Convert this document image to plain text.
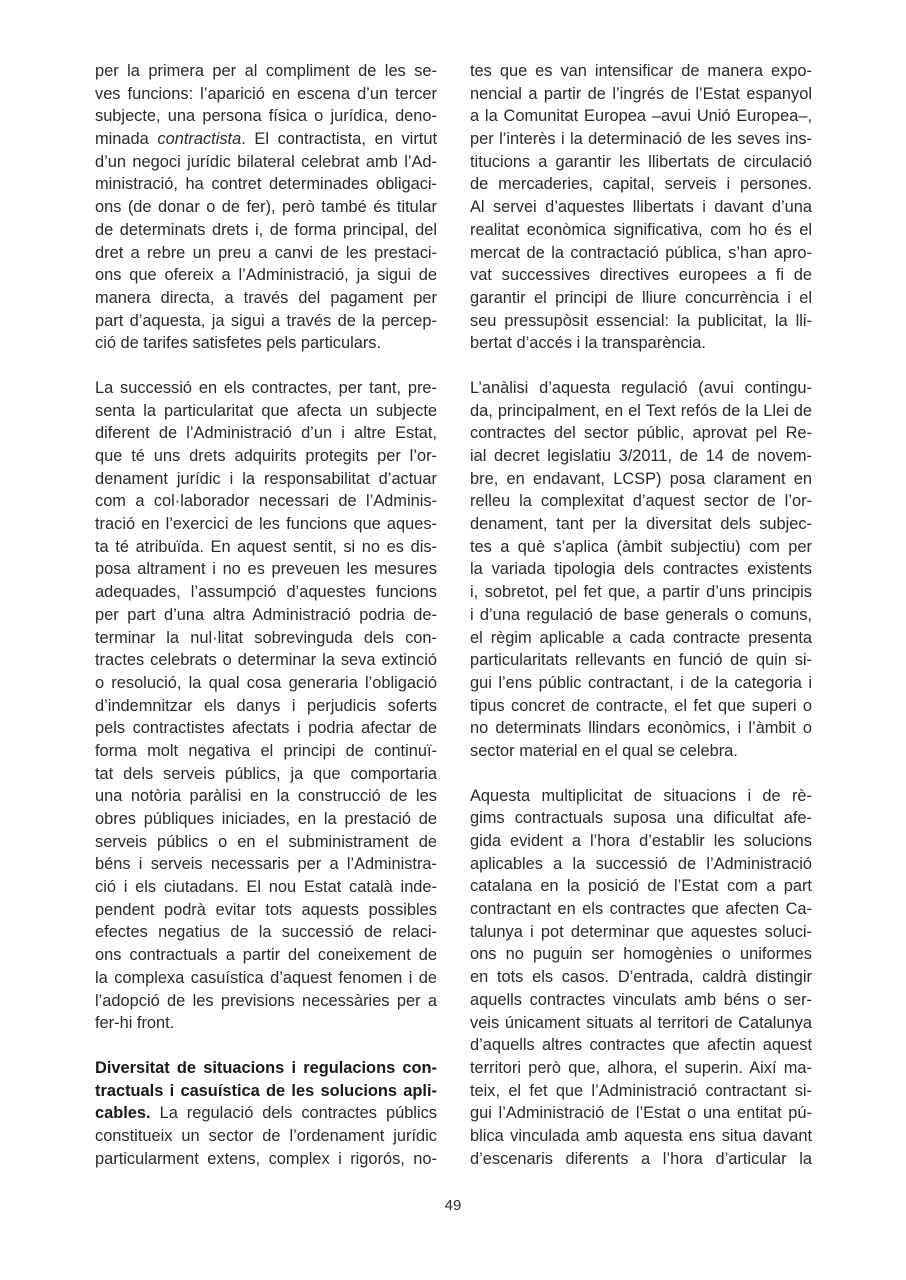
per la primera per al compliment de les se-
ves funcions: l’aparició en escena d’un tercer
subjecte, una persona física o jurídica, deno-
minada contractista. El contractista, en virtut
d’un negoci jurídic bilateral celebrat amb l’Ad-
ministració, ha contret determinades obligaci-
ons (de donar o de fer), però també és titular
de determinats drets i, de forma principal, del
dret a rebre un preu a canvi de les prestaci-
ons que ofereix a l’Administració, ja sigui de
manera directa, a través del pagament per
part d’aquesta, ja sigui a través de la percep-
ció de tarifes satisfetes pels particulars.
La successió en els contractes, per tant, pre-
senta la particularitat que afecta un subjecte
diferent de l’Administració d’un i altre Estat,
que té uns drets adquirits protegits per l’or-
denament jurídic i la responsabilitat d’actuar
com a col·laborador necessari de l’Adminis-
tració en l’exercici de les funcions que aques-
ta té atribuïda. En aquest sentit, si no es dis-
posa altrament i no es preveuen les mesures
adequades, l’assumpció d’aquestes funcions
per part d’una altra Administració podria de-
terminar la nul·litat sobrevinguda dels con-
tractes celebrats o determinar la seva extinció
o resolució, la qual cosa generaria l’obligació
d’indemnitzar els danys i perjudicis soferts
pels contractistes afectats i podria afectar de
forma molt negativa el principi de continuï-
tat dels serveis públics, ja que comportaria
una notòria paràlisi en la construcció de les
obres públiques iniciades, en la prestació de
serveis públics o en el subministrament de
béns i serveis necessaris per a l’Administra-
ció i els ciutadans. El nou Estat català inde-
pendent podrà evitar tots aquests possibles
efectes negatius de la successió de relaci-
ons contractuals a partir del coneixement de
la complexa casuística d’aquest fenomen i de
l’adopció de les previsions necessàries per a
fer-hi front.
Diversitat de situacions i regulacions con-
tractuals i casuística de les solucions apli-
cables. La regulació dels contractes públics
constitueix un sector de l’ordenament jurídic
particularment extens, complex i rigorós, no-
tes que es van intensificar de manera expo-
nencial a partir de l’ingrés de l’Estat espanyol
a la Comunitat Europea –avui Unió Europea–,
per l’interès i la determinació de les seves ins-
titucions a garantir les llibertats de circulació
de mercaderies, capital, serveis i persones.
Al servei d’aquestes llibertats i davant d’una
realitat econòmica significativa, com ho és el
mercat de la contractació pública, s’han apro-
vat successives directives europees a fi de
garantir el principi de lliure concurrència i el
seu pressupòsit essencial: la publicitat, la lli-
bertat d’accés i la transparència.
L’anàlisi d’aquesta regulació (avui contingu-
da, principalment, en el Text refós de la Llei de
contractes del sector públic, aprovat pel Re-
ial decret legislatiu 3/2011, de 14 de novem-
bre, en endavant, LCSP) posa clarament en
relleu la complexitat d’aquest sector de l’or-
denament, tant per la diversitat dels subjec-
tes a què s’aplica (àmbit subjectiu) com per
la variada tipologia dels contractes existents
i, sobretot, pel fet que, a partir d’uns principis
i d’una regulació de base generals o comuns,
el règim aplicable a cada contracte presenta
particularitats rellevants en funció de quin si-
gui l’ens públic contractant, i de la categoria i
tipus concret de contracte, el fet que superi o
no determinats llindars econòmics, i l’àmbit o
sector material en el qual se celebra.
Aquesta multiplicitat de situacions i de rè-
gims contractuals suposa una dificultat afe-
gida evident a l’hora d’establir les solucions
aplicables a la successió de l’Administració
catalana en la posició de l’Estat com a part
contractant en els contractes que afecten Ca-
talunya i pot determinar que aquestes soluci-
ons no puguin ser homogènies o uniformes
en tots els casos. D’entrada, caldrà distingir
aquells contractes vinculats amb béns o ser-
veis únicament situats al territori de Catalunya
d’aquells altres contractes que afectin aquest
territori però que, alhora, el superin. Així ma-
teix, el fet que l’Administració contractant si-
gui l’Administració de l’Estat o una entitat pú-
blica vinculada amb aquesta ens situa davant
d’escenaris diferents a l’hora d’articular la
49
